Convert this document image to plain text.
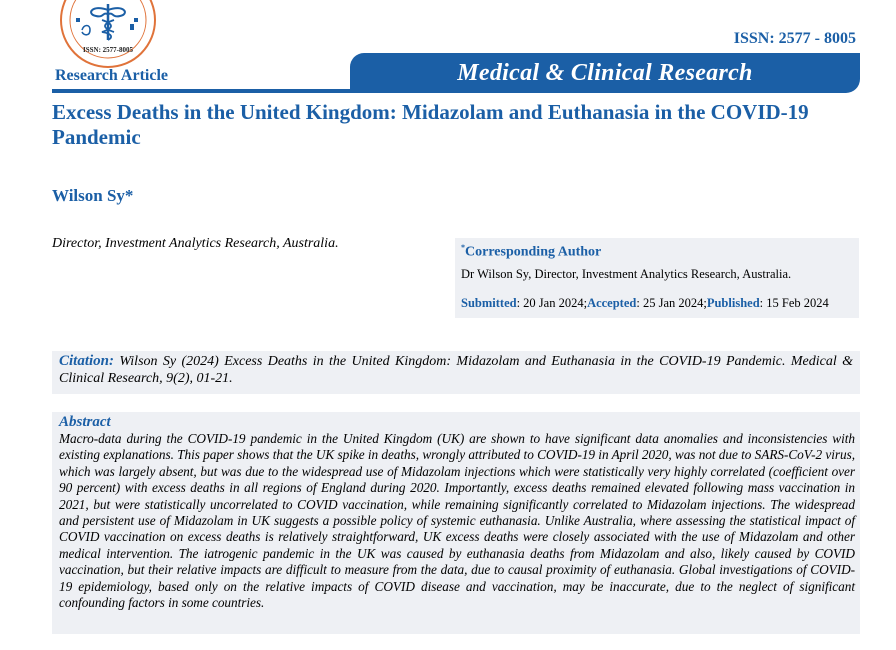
ISSN: 2577-8005
ISSN: 2577 - 8005
Research Article	Medical & Clinical Research
Excess Deaths in the United Kingdom: Midazolam and Euthanasia in the COVID-19 Pandemic
Wilson Sy*
Director, Investment Analytics Research, Australia.	*Corresponding Author
Dr Wilson Sy, Director, Investment Analytics Research, Australia.
Submitted: 20 Jan 2024;Accepted: 25 Jan 2024;Published: 15 Feb 2024
Citation: Wilson Sy (2024) Excess Deaths in the United Kingdom: Midazolam and Euthanasia in the COVID-19 Pandemic. Medical & Clinical Research, 9(2), 01-21.
Abstract
Macro-data during the COVID-19 pandemic in the United Kingdom (UK) are shown to have significant data anomalies and inconsistencies with existing explanations. This paper shows that the UK spike in deaths, wrongly attributed to COVID-19 in April 2020, was not due to SARS-CoV-2 virus, which was largely absent, but was due to the widespread use of Midazolam injections which were statistically very highly correlated (coefficient over 90 percent) with excess deaths in all regions of England during 2020. Importantly, excess deaths remained elevated following mass vaccination in 2021, but were statistically uncorrelated to COVID vaccination, while remaining significantly correlated to Midazolam injections. The widespread and persistent use of Midazolam in UK suggests a possible policy of systemic euthanasia. Unlike Australia, where assessing the statistical impact of COVID vaccination on excess deaths is relatively straightforward, UK excess deaths were closely associated with the use of Midazolam and other medical intervention. The iatrogenic pandemic in the UK was caused by euthanasia deaths from Midazolam and also, likely caused by COVID vaccination, but their relative impacts are difficult to measure from the data, due to causal proximity of euthanasia. Global investigations of COVID-19 epidemiology, based only on the relative impacts of COVID disease and vaccination, may be inaccurate, due to the neglect of significant confounding factors in some countries.
